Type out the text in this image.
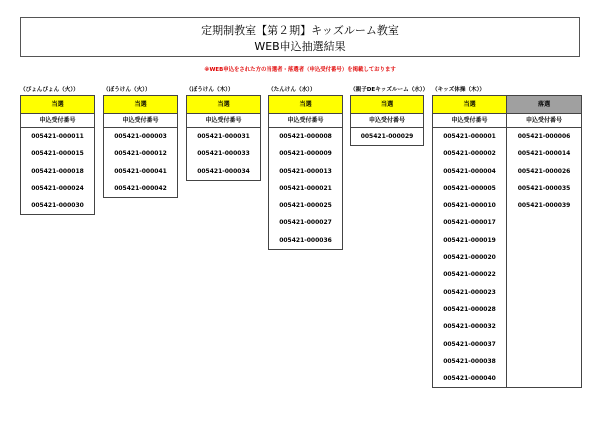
定期制教室【第２期】キッズルーム教室
WEB申込抽選結果
※WEB申込をされた方の当選者・落選者（申込受付番号）を掲載しております
（ぴょんぴょん（火））
当選
申込受付番号
005421-000011
005421-000015
005421-000018
005421-000024
005421-000030
（ぼうけん（火））
当選
申込受付番号
005421-000003
005421-000012
005421-000041
005421-000042
（ぼうけん（木））
当選
申込受付番号
005421-000031
005421-000033
005421-000034
（たんけん（水））
当選
申込受付番号
005421-000008
005421-000009
005421-000013
005421-000021
005421-000025
005421-000027
005421-000036
（親子DEキッズルーム（水））
当選
申込受付番号
005421-000029
（キッズ体操（木））
当選
申込受付番号
005421-000001
005421-000002
005421-000004
005421-000005
005421-000010
005421-000017
005421-000019
005421-000020
005421-000022
005421-000023
005421-000028
005421-000032
005421-000037
005421-000038
005421-000040
落選
申込受付番号
005421-000006
005421-000014
005421-000026
005421-000035
005421-000039
